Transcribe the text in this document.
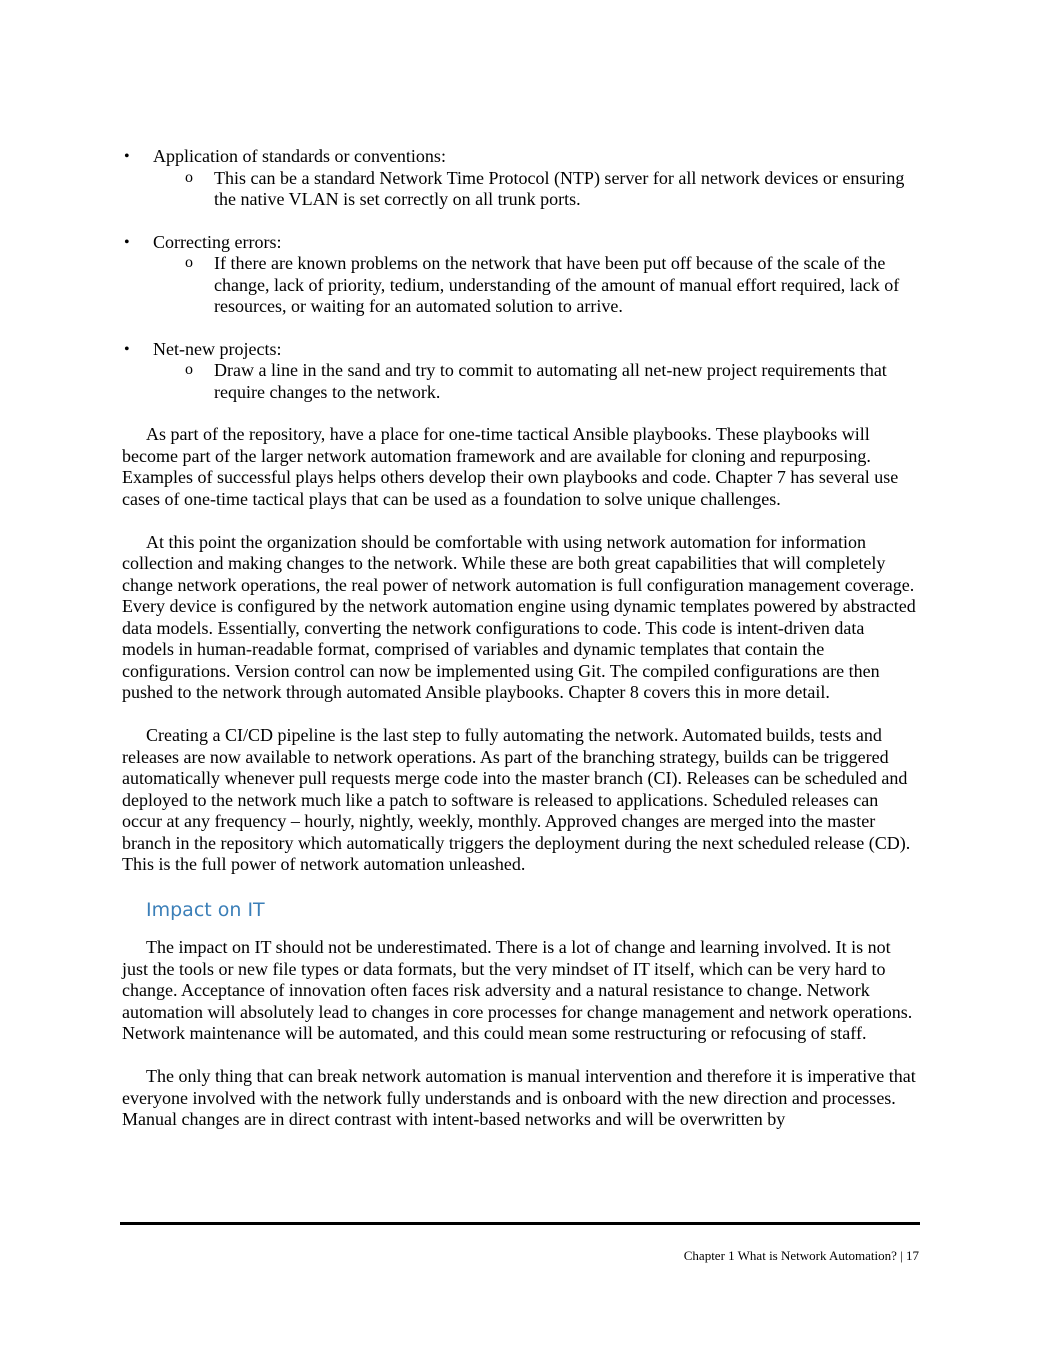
• Application of standards or conventions:
o This can be a standard Network Time Protocol (NTP) server for all network devices or ensuring the native VLAN is set correctly on all trunk ports.
• Correcting errors:
o If there are known problems on the network that have been put off because of the scale of the change, lack of priority, tedium, understanding of the amount of manual effort required, lack of resources, or waiting for an automated solution to arrive.
• Net-new projects:
o Draw a line in the sand and try to commit to automating all net-new project requirements that require changes to the network.

As part of the repository, have a place for one-time tactical Ansible playbooks. These playbooks will become part of the larger network automation framework and are available for cloning and repurposing. Examples of successful plays helps others develop their own playbooks and code. Chapter 7 has several use cases of one-time tactical plays that can be used as a foundation to solve unique challenges.

At this point the organization should be comfortable with using network automation for information collection and making changes to the network. While these are both great capabilities that will completely change network operations, the real power of network automation is full configuration management coverage. Every device is configured by the network automation engine using dynamic templates powered by abstracted data models. Essentially, converting the network configurations to code. This code is intent-driven data models in human-readable format, comprised of variables and dynamic templates that contain the configurations. Version control can now be implemented using Git. The compiled configurations are then pushed to the network through automated Ansible playbooks. Chapter 8 covers this in more detail.

Creating a CI/CD pipeline is the last step to fully automating the network. Automated builds, tests and releases are now available to network operations. As part of the branching strategy, builds can be triggered automatically whenever pull requests merge code into the master branch (CI). Releases can be scheduled and deployed to the network much like a patch to software is released to applications. Scheduled releases can occur at any frequency – hourly, nightly, weekly, monthly. Approved changes are merged into the master branch in the repository which automatically triggers the deployment during the next scheduled release (CD). This is the full power of network automation unleashed.

Impact on IT

The impact on IT should not be underestimated. There is a lot of change and learning involved. It is not just the tools or new file types or data formats, but the very mindset of IT itself, which can be very hard to change. Acceptance of innovation often faces risk adversity and a natural resistance to change. Network automation will absolutely lead to changes in core processes for change management and network operations. Network maintenance will be automated, and this could mean some restructuring or refocusing of staff.

The only thing that can break network automation is manual intervention and therefore it is imperative that everyone involved with the network fully understands and is onboard with the new direction and processes. Manual changes are in direct contrast with intent-based networks and will be overwritten by

Chapter 1 What is Network Automation? | 17
